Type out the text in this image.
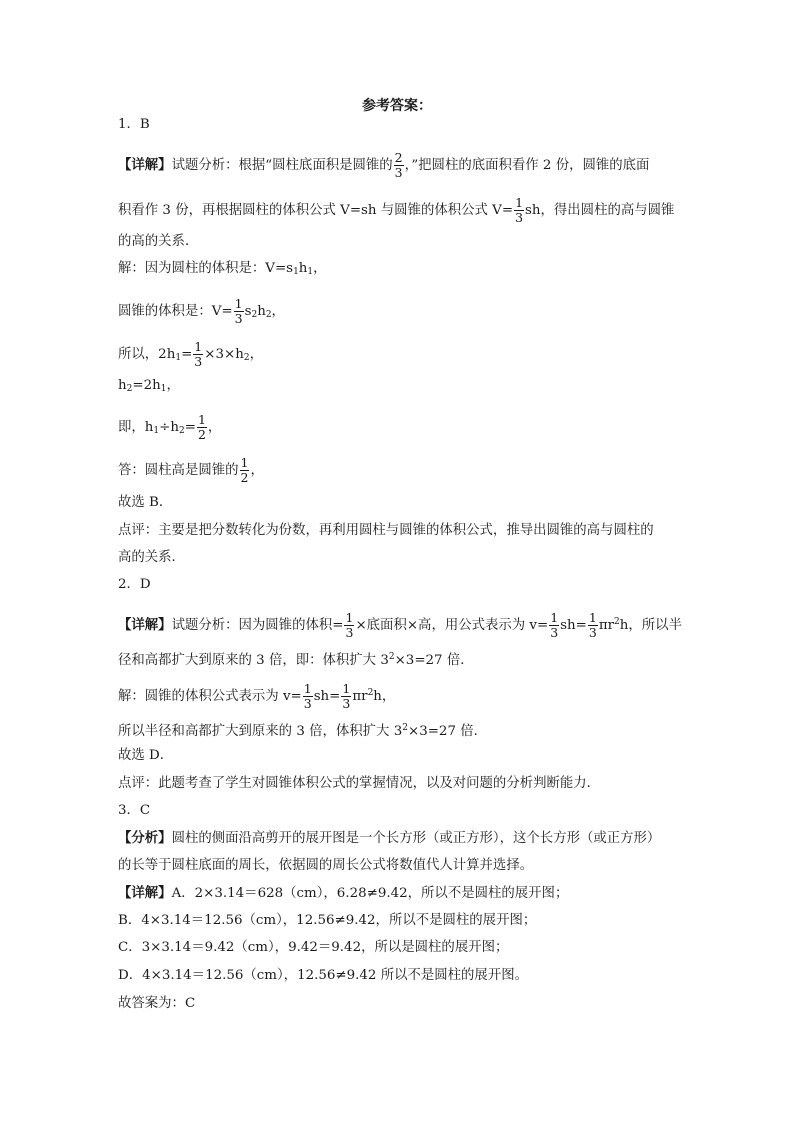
参考答案：
1．B
【详解】试题分析：根据“圆柱底面积是圆锥的 $\frac{2}{3}$ ，”把圆柱的底面积看作 2 份，圆锥的底面
积看作 3 份，再根据圆柱的体积公式 V=sh 与圆锥的体积公式 $V= \frac{1}{3}$ sh，得出圆柱的高与圆锥
的高的关系．
解：因为圆柱的体积是：$V=s_1h_1$，
圆锥的体积是：$V= \frac{1}{3} s_2h_2$，
所以，$2h_1= \frac{1}{3} \times 3\times h_2$，
$h_2=2h_1$，
即，$h_1\div h_2= \frac{1}{2}$ ，
答：圆柱高是圆锥的 $\frac{1}{2}$ ，
故选 B．
点评：主要是把分数转化为份数，再利用圆柱与圆锥的体积公式，推导出圆锥的高与圆柱的
高的关系．
2．D
【详解】试题分析：因为圆锥的体积= $\frac{1}{3}$ ×底面积×高，用公式表示为 $v= \frac{1}{3} sh= \frac{1}{3} \pi r^2h$，所以半
径和高都扩大到原来的 3 倍，即：体积扩大 $3^2\times 3=27$ 倍．
解：圆锥的体积公式表示为 $v= \frac{1}{3} sh= \frac{1}{3} \pi r^2h$，
所以半径和高都扩大到原来的 3 倍，体积扩大 $3^2\times 3=27$ 倍．
故选 D．
点评：此题考查了学生对圆锥体积公式的掌握情况，以及对问题的分析判断能力．
3．C
【分析】圆柱的侧面沿高剪开的展开图是一个长方形（或正方形），这个长方形（或正方形）
的长等于圆柱底面的周长，依据圆的周长公式将数值代人计算并选择。
【详解】A．2×3.14＝628（cm），6.28≠9.42，所以不是圆柱的展开图；
B．4×3.14＝12.56（cm），12.56≠9.42，所以不是圆柱的展开图；
C．3×3.14＝9.42（cm），9.42＝9.42，所以是圆柱的展开图；
D．4×3.14＝12.56（cm），12.56≠9.42 所以不是圆柱的展开图。
故答案为：C
